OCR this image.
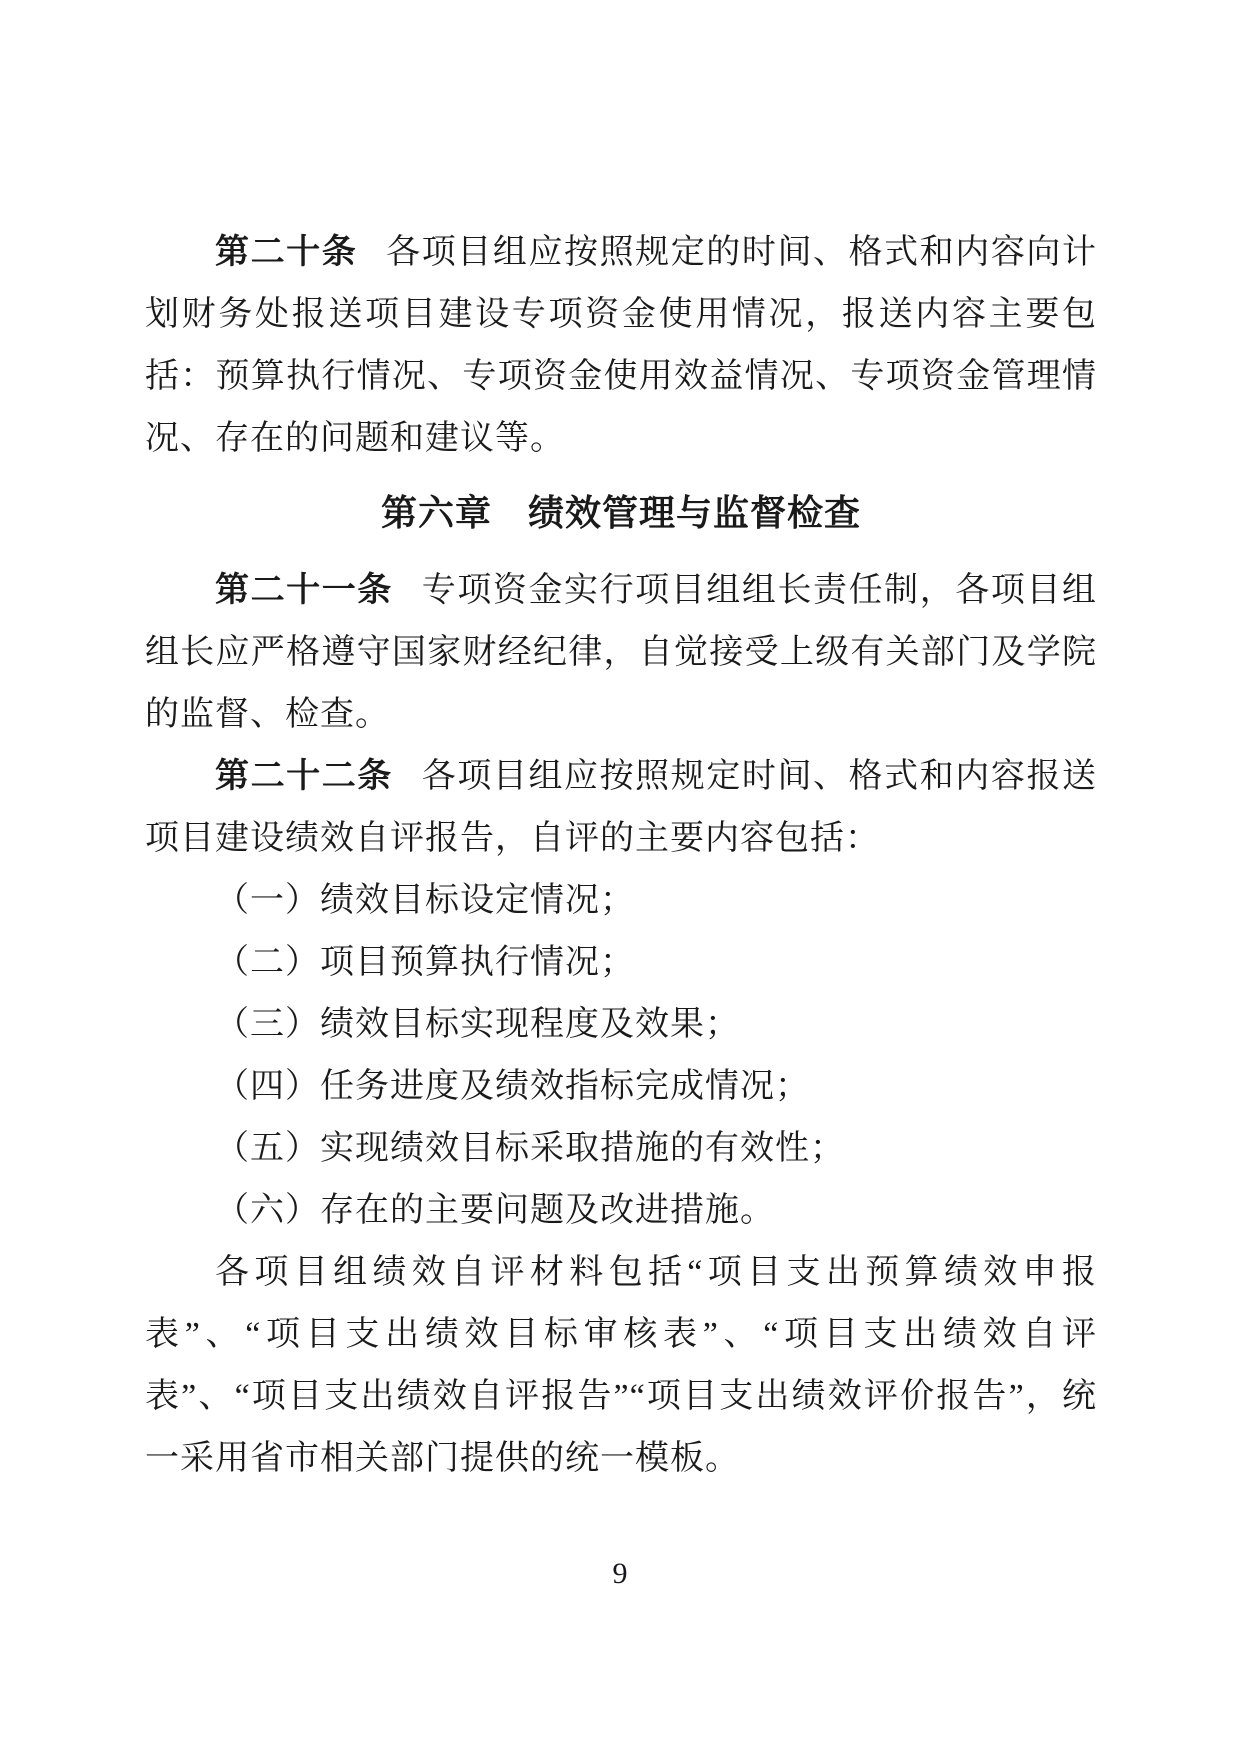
第二十条 各项目组应按照规定的时间、格式和内容向计划财务处报送项目建设专项资金使用情况，报送内容主要包括：预算执行情况、专项资金使用效益情况、专项资金管理情况、存在的问题和建议等。

第六章 绩效管理与监督检查

第二十一条 专项资金实行项目组组长责任制，各项目组组长应严格遵守国家财经纪律，自觉接受上级有关部门及学院的监督、检查。

第二十二条 各项目组应按照规定时间、格式和内容报送项目建设绩效自评报告，自评的主要内容包括：

（一）绩效目标设定情况；

（二）项目预算执行情况；

（三）绩效目标实现程度及效果；

（四）任务进度及绩效指标完成情况；

（五）实现绩效目标采取措施的有效性；

（六）存在的主要问题及改进措施。

各项目组绩效自评材料包括“项目支出预算绩效申报表”、“项目支出绩效目标审核表”、“项目支出绩效自评表”、“项目支出绩效自评报告”“项目支出绩效评价报告”，统一采用省市相关部门提供的统一模板。

9
